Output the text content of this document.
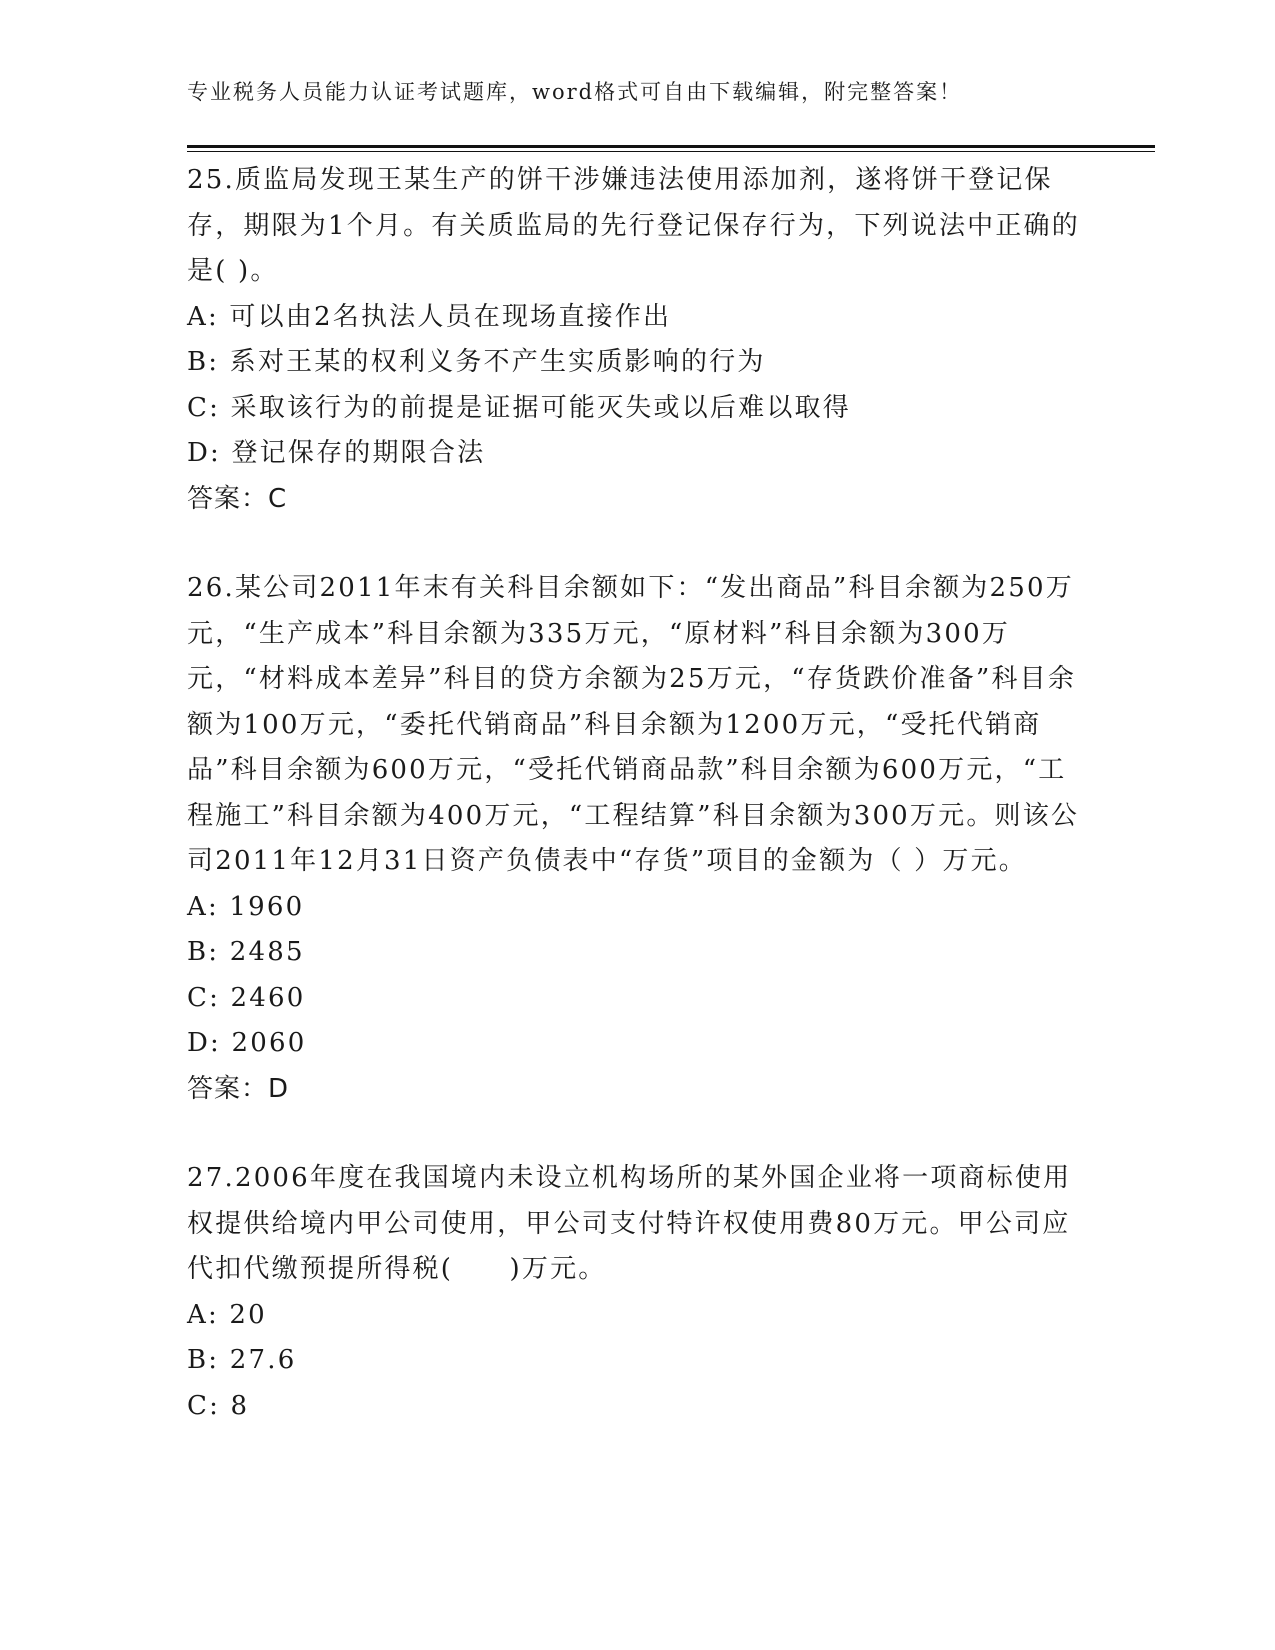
专业税务人员能力认证考试题库，word格式可自由下载编辑，附完整答案！

25.质监局发现王某生产的饼干涉嫌违法使用添加剂，遂将饼干登记保存，期限为1个月。有关质监局的先行登记保存行为，下列说法中正确的是( )。

A: 可以由2名执法人员在现场直接作出

B: 系对王某的权利义务不产生实质影响的行为

C: 采取该行为的前提是证据可能灭失或以后难以取得

D: 登记保存的期限合法

答案：C

26.某公司2011年末有关科目余额如下：“发出商品”科目余额为250万元，“生产成本”科目余额为335万元，“原材料”科目余额为300万元，“材料成本差异”科目的贷方余额为25万元，“存货跌价准备”科目余额为100万元，“委托代销商品”科目余额为1200万元，“受托代销商品”科目余额为600万元，“受托代销商品款”科目余额为600万元，“工程施工”科目余额为400万元，“工程结算”科目余额为300万元。则该公司2011年12月31日资产负债表中“存货”项目的金额为（ ）万元。

A: 1960

B: 2485

C: 2460

D: 2060

答案：D

27.2006年度在我国境内未设立机构场所的某外国企业将一项商标使用权提供给境内甲公司使用，甲公司支付特许权使用费80万元。甲公司应代扣代缴预提所得税(　　)万元。

A: 20

B: 27.6

C: 8
